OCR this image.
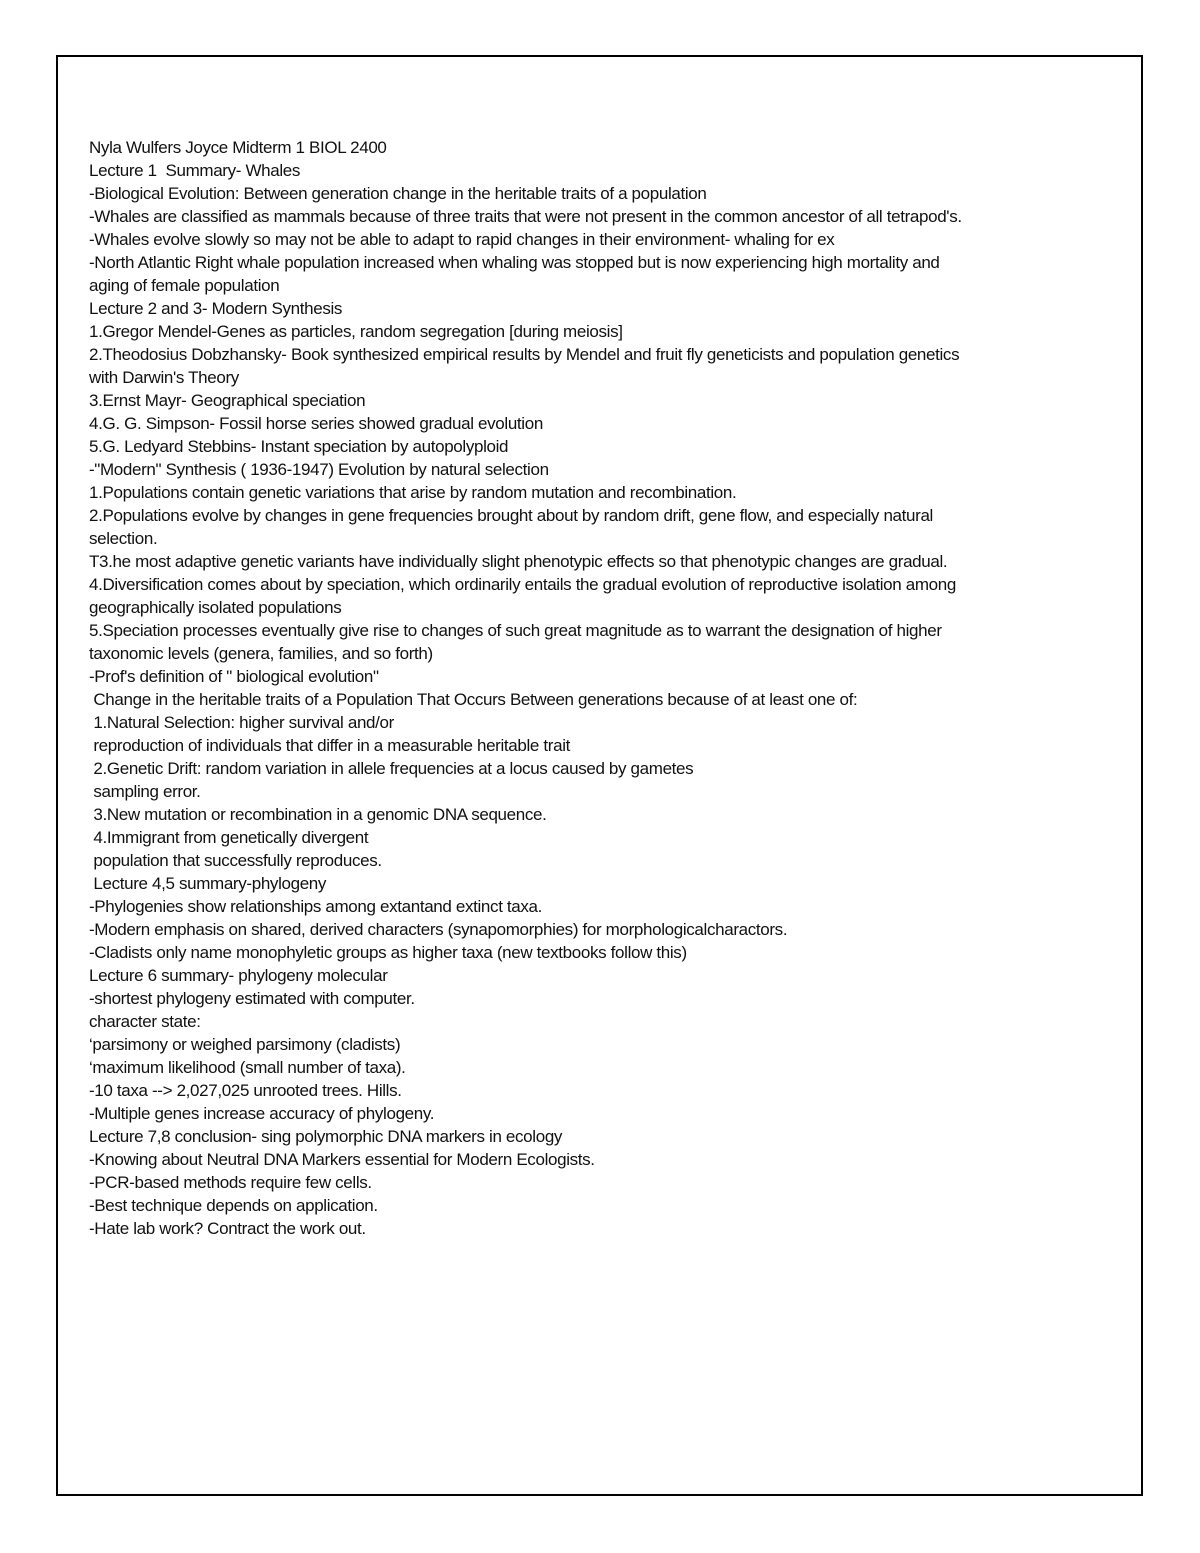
Nyla Wulfers Joyce Midterm 1 BIOL 2400
Lecture 1  Summary- Whales
-Biological Evolution: Between generation change in the heritable traits of a population
-Whales are classified as mammals because of three traits that were not present in the common ancestor of all tetrapod's.
-Whales evolve slowly so may not be able to adapt to rapid changes in their environment- whaling for ex
-North Atlantic Right whale population increased when whaling was stopped but is now experiencing high mortality and
aging of female population
Lecture 2 and 3- Modern Synthesis
1.Gregor Mendel-Genes as particles, random segregation [during meiosis]
2.Theodosius Dobzhansky- Book synthesized empirical results by Mendel and fruit fly geneticists and population genetics
with Darwin's Theory
3.Ernst Mayr- Geographical speciation
4.G. G. Simpson- Fossil horse series showed gradual evolution
5.G. Ledyard Stebbins- Instant speciation by autopolyploid
-"Modern" Synthesis ( 1936-1947) Evolution by natural selection
1.Populations contain genetic variations that arise by random mutation and recombination.
2.Populations evolve by changes in gene frequencies brought about by random drift, gene flow, and especially natural
selection.
T3.he most adaptive genetic variants have individually slight phenotypic effects so that phenotypic changes are gradual.
4.Diversification comes about by speciation, which ordinarily entails the gradual evolution of reproductive isolation among
geographically isolated populations
5.Speciation processes eventually give rise to changes of such great magnitude as to warrant the designation of higher
taxonomic levels (genera, families, and so forth)
-Prof's definition of " biological evolution"
Change in the heritable traits of a Population That Occurs Between generations because of at least one of:
1.Natural Selection: higher survival and/or
reproduction of individuals that differ in a measurable heritable trait
2.Genetic Drift: random variation in allele frequencies at a locus caused by gametes
sampling error.
3.New mutation or recombination in a genomic DNA sequence.
4.Immigrant from genetically divergent
population that successfully reproduces.
Lecture 4,5 summary-phylogeny
-Phylogenies show relationships among extantand extinct taxa.
-Modern emphasis on shared, derived characters (synapomorphies) for morphologicalcharactors.
-Cladists only name monophyletic groups as higher taxa (new textbooks follow this)
Lecture 6 summary- phylogeny molecular
-shortest phylogeny estimated with computer.
character state:
‘parsimony or weighed parsimony (cladists)
‘maximum likelihood (small number of taxa).
-10 taxa --> 2,027,025 unrooted trees. Hills.
-Multiple genes increase accuracy of phylogeny.
Lecture 7,8 conclusion- sing polymorphic DNA markers in ecology
-Knowing about Neutral DNA Markers essential for Modern Ecologists.
-PCR-based methods require few cells.
-Best technique depends on application.
-Hate lab work? Contract the work out.
